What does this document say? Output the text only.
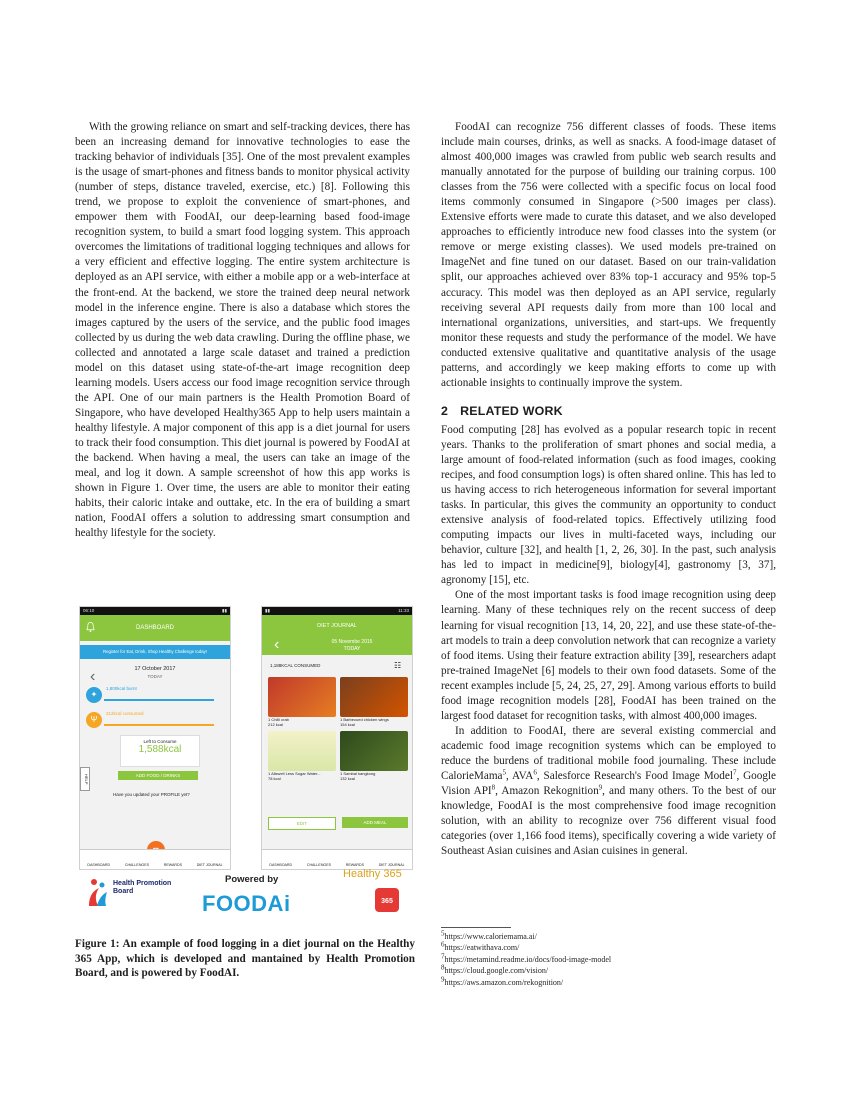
With the growing reliance on smart and self-tracking devices, there has been an increasing demand for innovative technologies to ease the tracking behavior of individuals [35]. One of the most prevalent examples is the usage of smart-phones and fitness bands to monitor physical activity (number of steps, distance traveled, exercise, etc.) [8]. Following this trend, we propose to exploit the convenience of smart-phones, and empower them with FoodAI, our deep-learning based food-image recognition system, to build a smart food logging system. This approach overcomes the limitations of traditional logging techniques and allows for a very efficient and effective logging. The entire system architecture is deployed as an API service, with either a mobile app or a web-interface at the front-end. At the backend, we store the trained deep neural network model in the inference engine. There is also a database which stores the images captured by the users of the service, and the public food images collected by us during the web data crawling. During the offline phase, we collected and annotated a large scale dataset and trained a prediction model on this dataset using state-of-the-art image recognition deep learning models. Users access our food image recognition service through the API. One of our main partners is the Health Promotion Board of Singapore, who have developed Healthy365 App to help users maintain a healthy lifestyle. A major component of this app is a diet journal for users to track their food consumption. This diet journal is powered by FoodAI at the backend. When having a meal, the users can take an image of the meal, and log it down. A sample screenshot of how this app works is shown in Figure 1. Over time, the users are able to monitor their eating habits, their caloric intake and outtake, etc. In the era of building a smart nation, FoodAI offers a solution to addressing smart consumption and healthy lifestyle for the society.

06:10	▮▮
DASHBOARD
Register for Eat, Drink, Shop Healthy Challenge today!
‹	17 October 2017
TODAY
✦
1,800kcal burnt
Ψ
212kcal consumed
Left to Consume
1,588kcal
ADD FOOD / DRINKS
Have you updated your PROFILE yet?
HELP
DASHBOARD	CHALLENGES	REWARDS	DIET JOURNAL
▮▮	11:33
DIET JOURNAL
‹	05 Novembe 2015
TODAY
1,188KCAL CONSUMED	☷
1 Chilli crab
212 kcal
1 Barbecued chicken wings
154 kcal
1 Allswell Less Sugar Water...
78 kcal
1 Sambal kangkong
132 kcal
EDIT	ADD MEAL
DASHBOARD	CHALLENGES	REWARDS	DIET JOURNAL
Health Promotion Board
Powered by
FOODAi
Healthy 365
365
Figure 1: An example of food logging in a diet journal on the Healthy 365 App, which is developed and mantained by Health Promotion Board, and is powered by FoodAI.

FoodAI can recognize 756 different classes of foods. These items include main courses, drinks, as well as snacks. A food-image dataset of almost 400,000 images was crawled from public web search results and manually annotated for the purpose of building our training corpus. 100 classes from the 756 were collected with a specific focus on local food items commonly consumed in Singapore (>500 images per class). Extensive efforts were made to curate this dataset, and we also developed approaches to efficiently introduce new food classes into the system (or remove or merge existing classes). We used models pre-trained on ImageNet and fine tuned on our dataset. Based on our train-validation split, our approaches achieved over 83% top-1 accuracy and 95% top-5 accuracy. This model was then deployed as an API service, regularly receiving several API requests daily from more than 100 local and international organizations, universities, and start-ups. We frequently monitor these requests and study the performance of the model. We have conducted extensive qualitative and quantitative analysis of the usage patterns, and accordingly we keep making efforts to come up with actionable insights to continually improve the system.

2 RELATED WORK

Food computing [28] has evolved as a popular research topic in recent years. Thanks to the proliferation of smart phones and social media, a large amount of food-related information (such as food images, cooking recipes, and food consumption logs) is often shared online. This has led to us having access to rich heterogeneous information for several important tasks. In particular, this gives the community an opportunity to conduct extensive analysis of food-related topics. Effectively utilizing food computing impacts our lives in multi-faceted ways, including our behavior, culture [32], and health [1, 2, 26, 30]. In the past, such analysis has led to impact in medicine[9], biology[4], gastronomy [3, 37], agronomy [15], etc.

One of the most important tasks is food image recognition using deep learning. Many of these techniques rely on the recent success of deep learning for visual recognition [13, 14, 20, 22], and use these state-of-the-art models to train a deep convolution network that can recognize a variety of food items. Using their feature extraction ability [39], researchers adapt pre-trained ImageNet [6] models to their own food datasets. Some of the recent examples include [5, 24, 25, 27, 29]. Among various efforts to build food image recognition models [28], FoodAI has been trained on the largest food dataset for recognition tasks, with almost 400,000 images.

In addition to FoodAI, there are several existing commercial and academic food image recognition systems which can be employed to reduce the burdens of traditional mobile food journaling. These include CalorieMama$^5$, AVA$^6$, Salesforce Research's Food Image Model$^7$, Google Vision API$^8$, Amazon Rekognition$^9$, and many others. To the best of our knowledge, FoodAI is the most comprehensive food image recognition solution, with an ability to recognize over 756 different visual food categories (over 1,166 food items), specifically covering a wide variety of Southeast Asian cuisines and Asian cuisines in general.

$^5$https://www.caloriemama.ai/
$^6$https://eatwithava.com/
$^7$https://metamind.readme.io/docs/food-image-model
$^8$https://cloud.google.com/vision/
$^9$https://aws.amazon.com/rekognition/
